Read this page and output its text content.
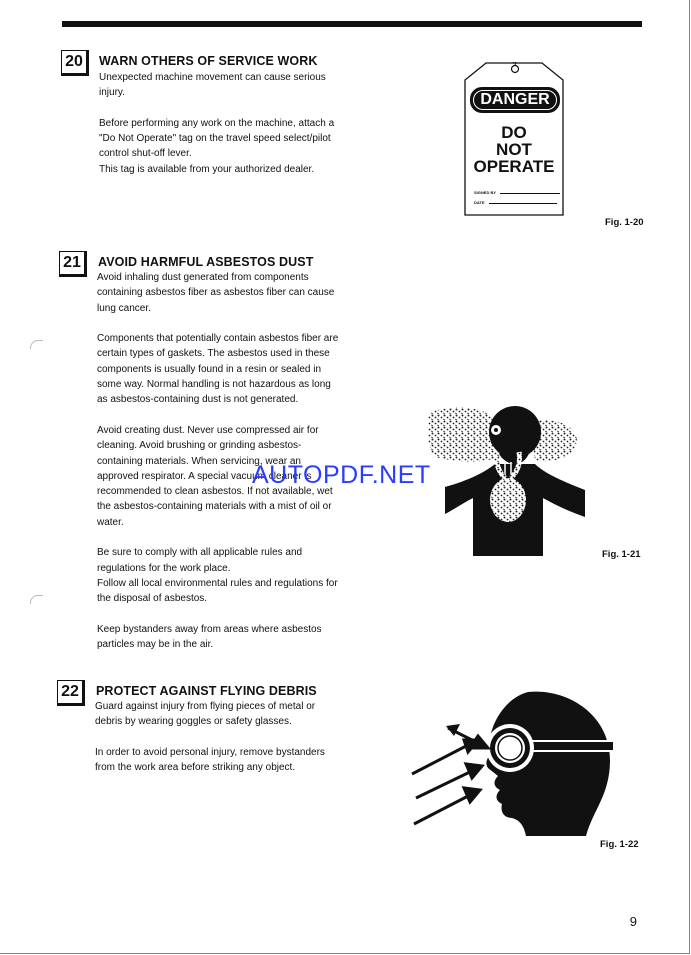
20	WARN OTHERS OF SERVICE WORK

Unexpected machine movement can cause serious
injury.

Before performing any work on the machine, attach a
"Do Not Operate" tag on the travel speed select/pilot
control shut-off lever.
This tag is available from your authorized dealer.

DANGER
DO
NOT
OPERATE
SIGNED BY
DATE
Fig. 1-20
21	AVOID HARMFUL ASBESTOS DUST

Avoid inhaling dust generated from components
containing asbestos fiber as asbestos fiber can cause
lung cancer.

Components that potentially contain asbestos fiber are
certain types of gaskets. The asbestos used in these
components is usually found in a resin or sealed in
some way. Normal handling is not hazardous as long
as asbestos-containing dust is not generated.

Avoid creating dust. Never use compressed air for
cleaning. Avoid brushing or grinding asbestos-
containing materials. When servicing, wear an
approved respirator. A special vacuum cleaner is
recommended to clean asbestos. If not available, wet
the asbestos-containing materials with a mist of oil or
water.

Be sure to comply with all applicable rules and
regulations for the work place.
Follow all local environmental rules and regulations for
the disposal of asbestos.

Keep bystanders away from areas where asbestos
particles may be in the air.

Fig. 1-21
22	PROTECT AGAINST FLYING DEBRIS

Guard against injury from flying pieces of metal or
debris by wearing goggles or safety glasses.

In order to avoid personal injury, remove bystanders
from the work area before striking any object.

Fig. 1-22
AUTOPDF.NET
9
